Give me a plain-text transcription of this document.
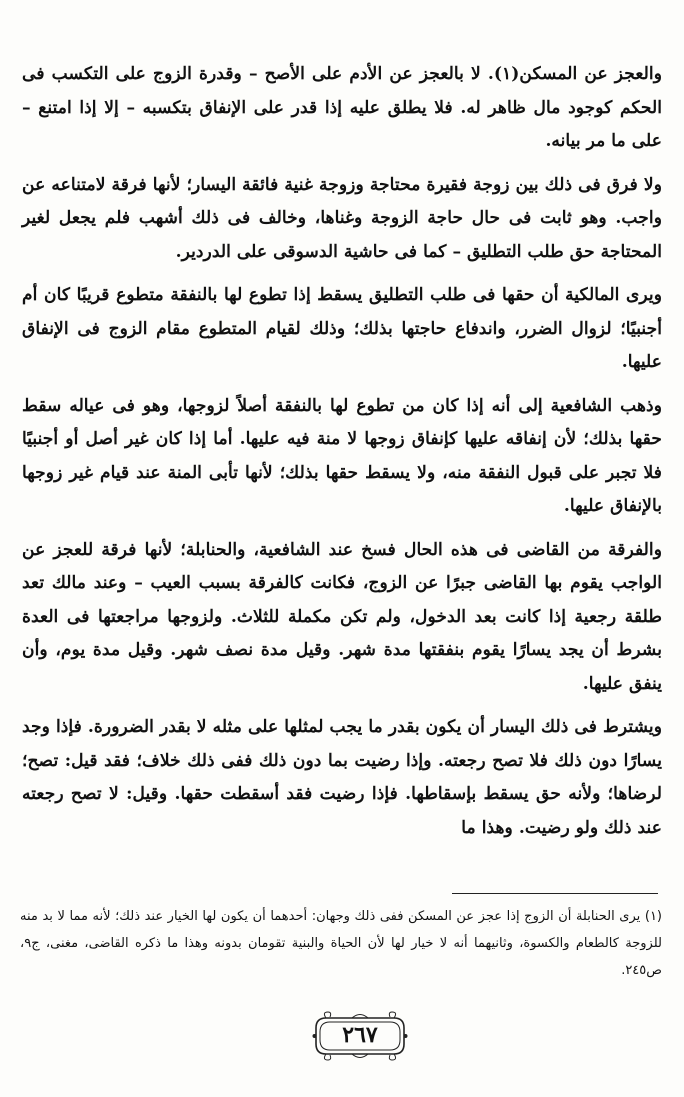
والعجز عن المسكن(١). لا بالعجز عن الأدم على الأصح – وقدرة الزوج على التكسب فى الحكم كوجود مال ظاهر له. فلا يطلق عليه إذا قدر على الإنفاق بتكسبه – إلا إذا امتنع – على ما مر بيانه.

ولا فرق فى ذلك بين زوجة فقيرة محتاجة وزوجة غنية فائقة اليسار؛ لأنها فرقة لامتناعه عن واجب. وهو ثابت فى حال حاجة الزوجة وغناها، وخالف فى ذلك أشهب فلم يجعل لغير المحتاجة حق طلب التطليق – كما فى حاشية الدسوقى على الدردير.

ويرى المالكية أن حقها فى طلب التطليق يسقط إذا تطوع لها بالنفقة متطوع قريبًا كان أم أجنبيًا؛ لزوال الضرر، واندفاع حاجتها بذلك؛ وذلك لقيام المتطوع مقام الزوج فى الإنفاق عليها.

وذهب الشافعية إلى أنه إذا كان من تطوع لها بالنفقة أصلاً لزوجها، وهو فى عياله سقط حقها بذلك؛ لأن إنفاقه عليها كإنفاق زوجها لا منة فيه عليها. أما إذا كان غير أصل أو أجنبيًا فلا تجبر على قبول النفقة منه، ولا يسقط حقها بذلك؛ لأنها تأبى المنة عند قيام غير زوجها بالإنفاق عليها.

والفرقة من القاضى فى هذه الحال فسخ عند الشافعية، والحنابلة؛ لأنها فرقة للعجز عن الواجب يقوم بها القاضى جبرًا عن الزوج، فكانت كالفرقة بسبب العيب – وعند مالك تعد طلقة رجعية إذا كانت بعد الدخول، ولم تكن مكملة للثلاث. ولزوجها مراجعتها فى العدة بشرط أن يجد يسارًا يقوم بنفقتها مدة شهر. وقيل مدة نصف شهر. وقيل مدة يوم، وأن ينفق عليها.

ويشترط فى ذلك اليسار أن يكون بقدر ما يجب لمثلها على مثله لا بقدر الضرورة. فإذا وجد يسارًا دون ذلك فلا تصح رجعته. وإذا رضيت بما دون ذلك ففى ذلك خلاف؛ فقد قيل: تصح؛ لرضاها؛ ولأنه حق يسقط بإسقاطها. فإذا رضيت فقد أسقطت حقها. وقيل: لا تصح رجعته عند ذلك ولو رضيت. وهذا ما

(١) يرى الحنابلة أن الزوج إذا عجز عن المسكن ففى ذلك وجهان: أحدهما أن يكون لها الخيار عند ذلك؛ لأنه مما لا بد منه للزوجة كالطعام والكسوة، وثانيهما أنه لا خيار لها لأن الحياة والبنية تقومان بدونه وهذا ما ذكره القاضى، مغنى، ج٩، ص٢٤٥.
٢٦٧
